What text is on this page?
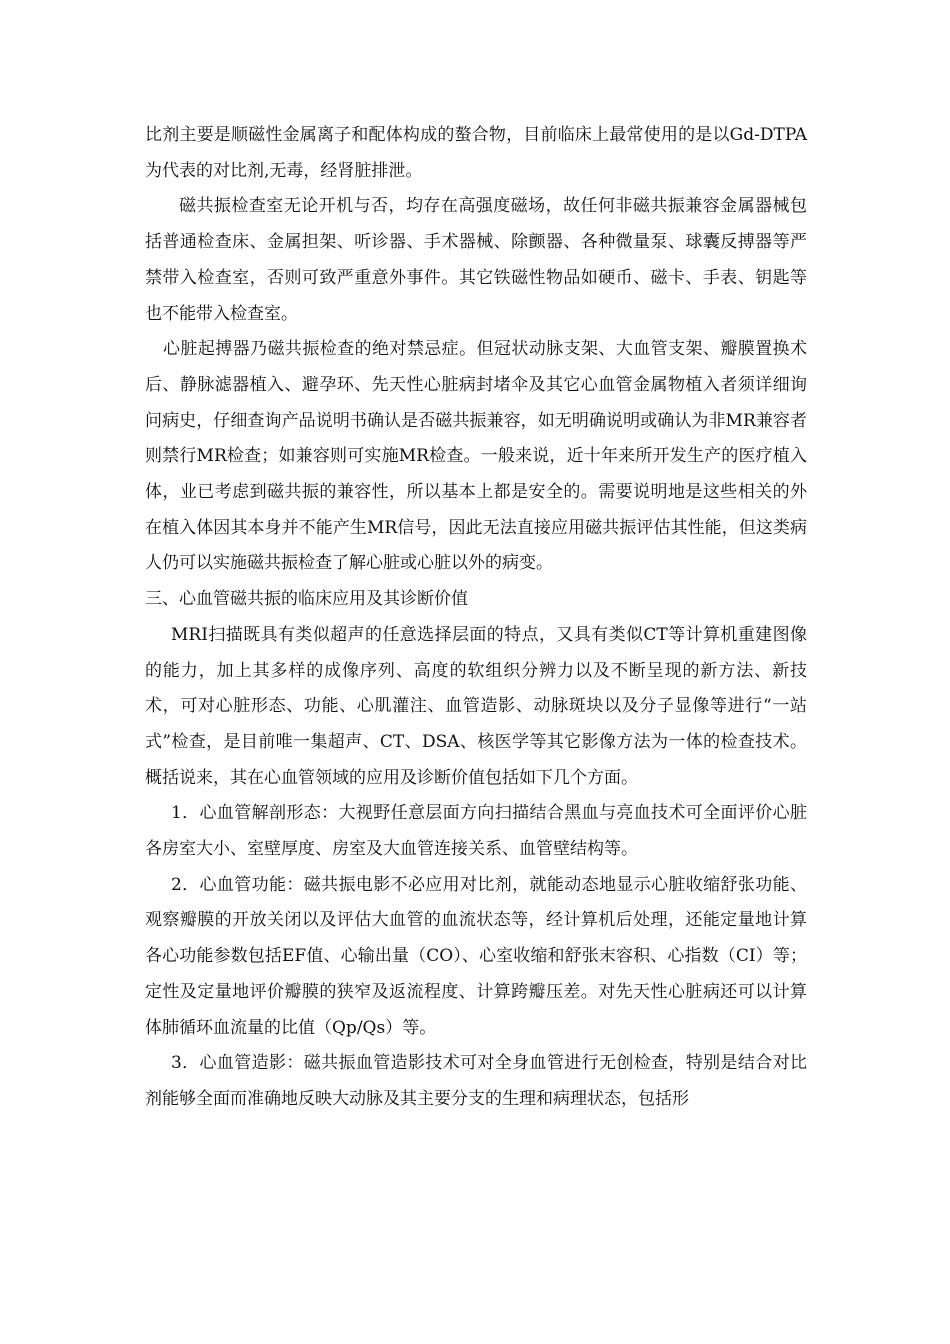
比剂主要是顺磁性金属离子和配体构成的螯合物，目前临床上最常使用的是以Gd-DTPA为代表的对比剂,无毒，经肾脏排泄。

磁共振检查室无论开机与否，均存在高强度磁场，故任何非磁共振兼容金属器械包括普通检查床、金属担架、听诊器、手术器械、除颤器、各种微量泵、球囊反搏器等严禁带入检查室，否则可致严重意外事件。其它铁磁性物品如硬币、磁卡、手表、钥匙等也不能带入检查室。

心脏起搏器乃磁共振检查的绝对禁忌症。但冠状动脉支架、大血管支架、瓣膜置换术后、静脉滤器植入、避孕环、先天性心脏病封堵伞及其它心血管金属物植入者须详细询问病史，仔细查询产品说明书确认是否磁共振兼容，如无明确说明或确认为非MR兼容者则禁行MR检查；如兼容则可实施MR检查。一般来说，近十年来所开发生产的医疗植入体，业已考虑到磁共振的兼容性，所以基本上都是安全的。需要说明地是这些相关的外在植入体因其本身并不能产生MR信号，因此无法直接应用磁共振评估其性能，但这类病人仍可以实施磁共振检查了解心脏或心脏以外的病变。

三、心血管磁共振的临床应用及其诊断价值

MRI扫描既具有类似超声的任意选择层面的特点，又具有类似CT等计算机重建图像的能力，加上其多样的成像序列、高度的软组织分辨力以及不断呈现的新方法、新技术，可对心脏形态、功能、心肌灌注、血管造影、动脉斑块以及分子显像等进行“一站式”检查，是目前唯一集超声、CT、DSA、核医学等其它影像方法为一体的检查技术。概括说来，其在心血管领域的应用及诊断价值包括如下几个方面。

1．心血管解剖形态：大视野任意层面方向扫描结合黑血与亮血技术可全面评价心脏各房室大小、室壁厚度、房室及大血管连接关系、血管壁结构等。

2．心血管功能：磁共振电影不必应用对比剂，就能动态地显示心脏收缩舒张功能、观察瓣膜的开放关闭以及评估大血管的血流状态等，经计算机后处理，还能定量地计算各心功能参数包括EF值、心输出量（CO）、心室收缩和舒张末容积、心指数（CI）等；定性及定量地评价瓣膜的狭窄及返流程度、计算跨瓣压差。对先天性心脏病还可以计算体肺循环血流量的比值（Qp/Qs）等。

3．心血管造影：磁共振血管造影技术可对全身血管进行无创检查，特别是结合对比剂能够全面而准确地反映大动脉及其主要分支的生理和病理状态，包括形
